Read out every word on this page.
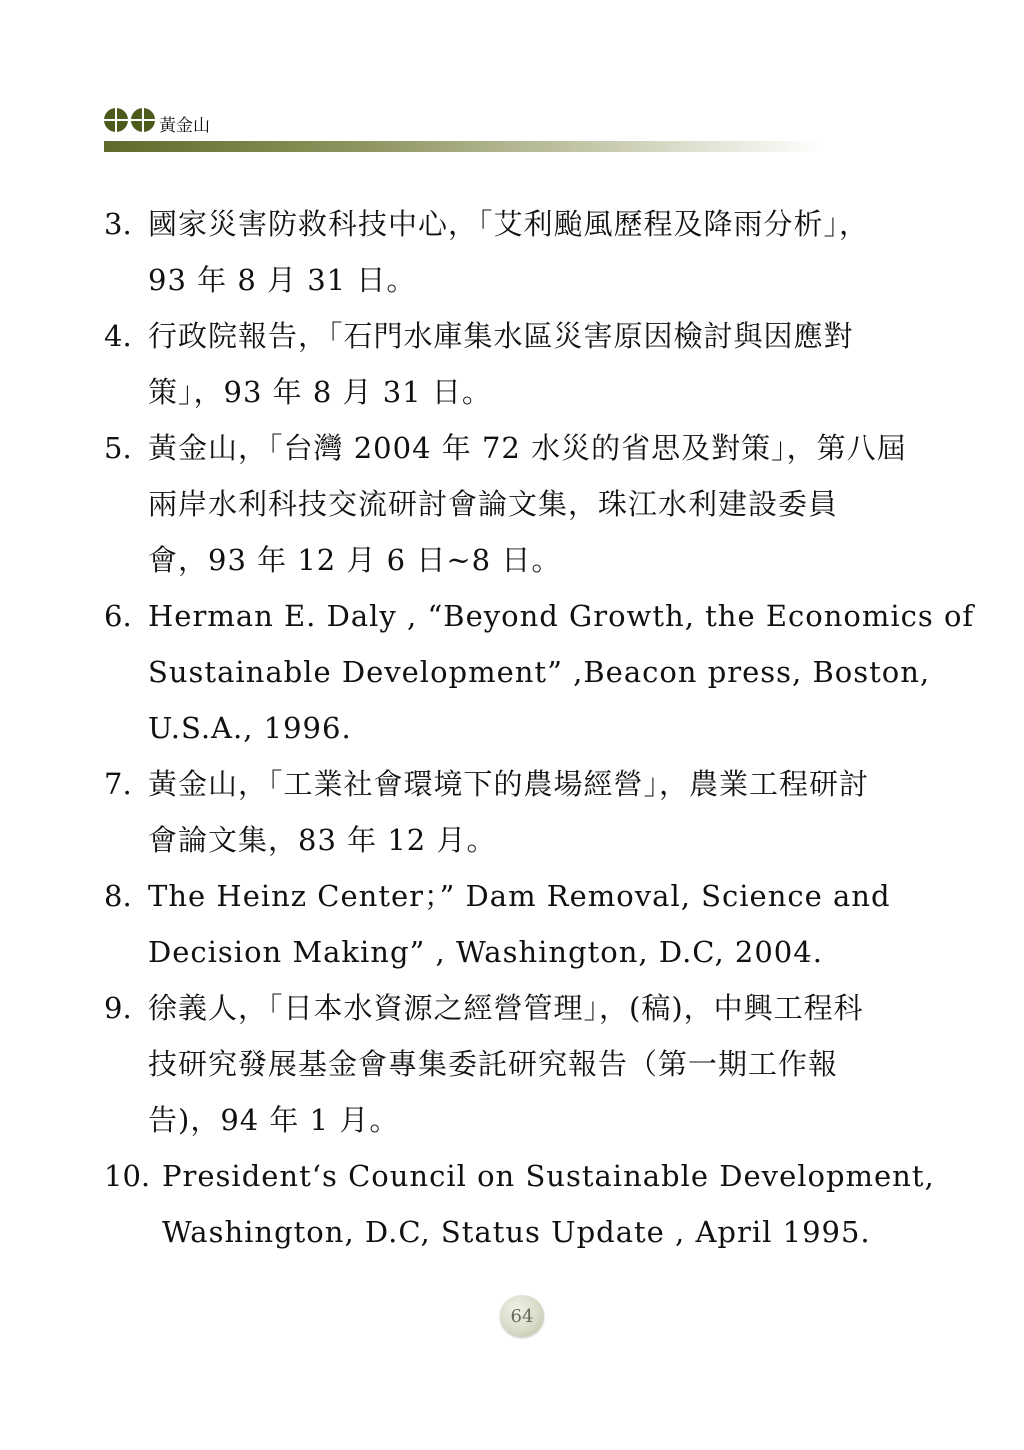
黃金山
3. 國家災害防救科技中心，「艾利颱風歷程及降雨分析」，
93 年 8 月 31 日。
4. 行政院報告，「石門水庫集水區災害原因檢討與因應對
策」，93 年 8 月 31 日。
5. 黃金山，「台灣 2004 年 72 水災的省思及對策」，第八屆
兩岸水利科技交流研討會論文集，珠江水利建設委員
會，93 年 12 月 6 日~8 日。
6. Herman E. Daly , “Beyond Growth, the Economics of
Sustainable Development” ,Beacon press, Boston,
U.S.A., 1996.
7. 黃金山，「工業社會環境下的農場經營」，農業工程研討
會論文集，83 年 12 月。
8. The Heinz Center；” Dam Removal, Science and
Decision Making” , Washington, D.C, 2004.
9. 徐義人，「日本水資源之經營管理」，(稿)，中興工程科
技研究發展基金會專集委託研究報告（第一期工作報
告)，94 年 1 月。
10. President‘s Council on Sustainable Development,
Washington, D.C, Status Update , April 1995.
64
